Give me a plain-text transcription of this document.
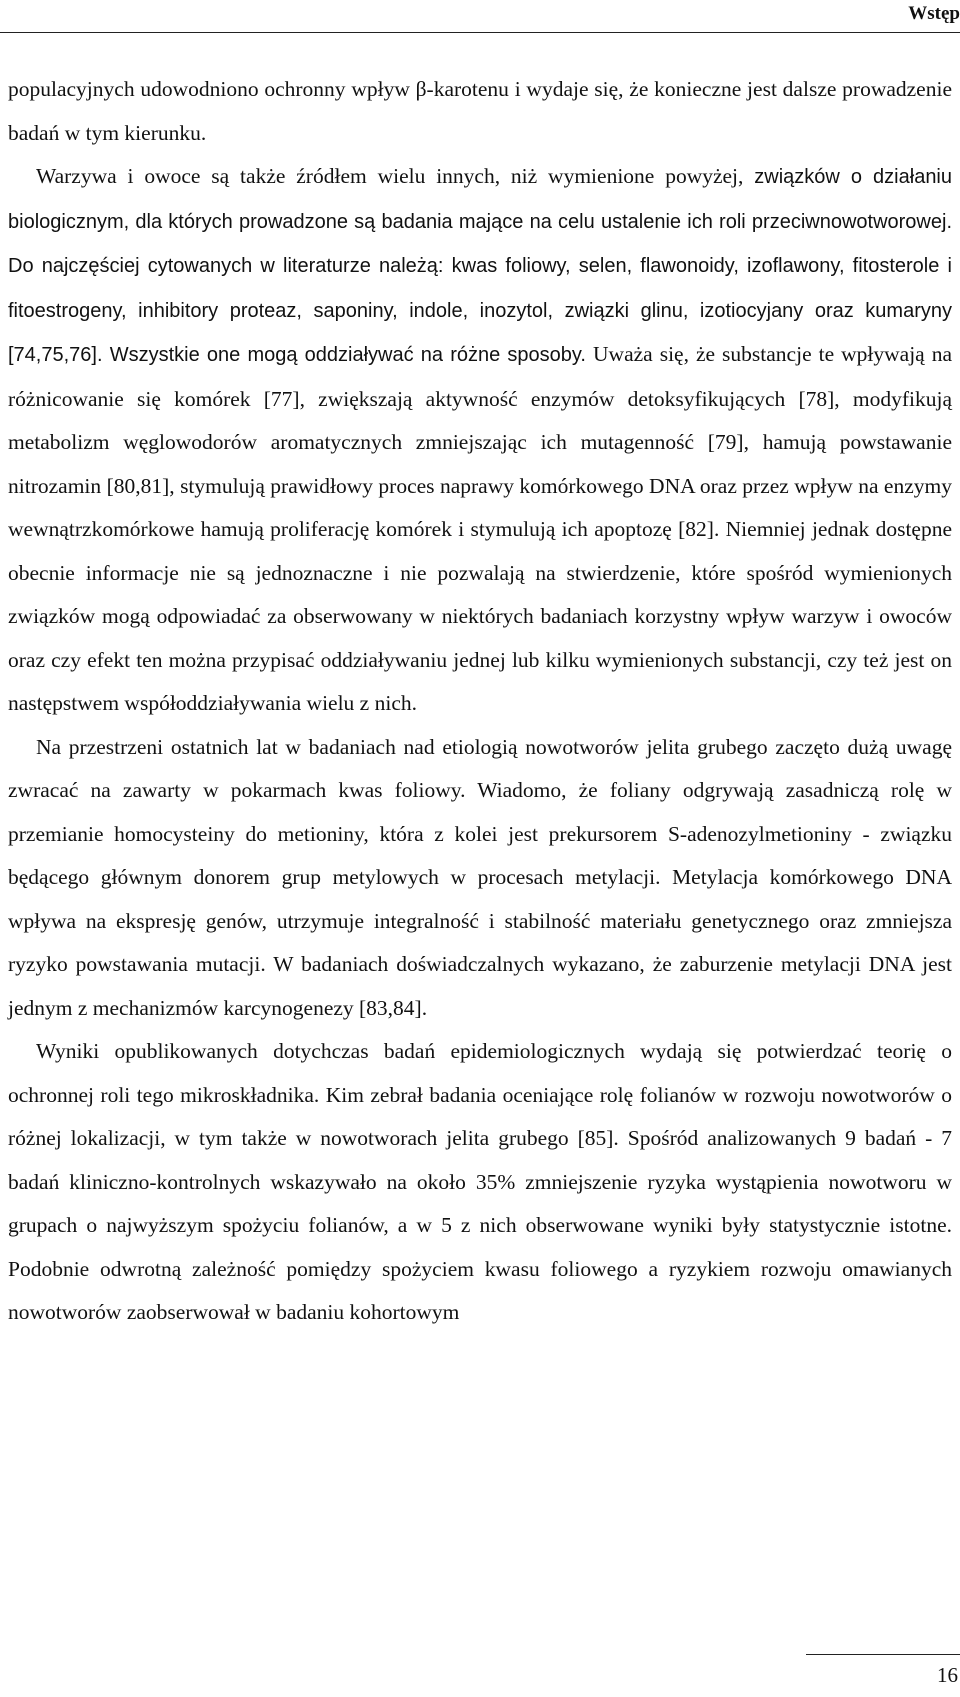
Wstęp

populacyjnych udowodniono ochronny wpływ β-karotenu i wydaje się, że konieczne jest dalsze prowadzenie badań w tym kierunku.

Warzywa i owoce są także źródłem wielu innych, niż wymienione powyżej, związków o działaniu biologicznym, dla których prowadzone są badania mające na celu ustalenie ich roli przeciwnowotworowej. Do najczęściej cytowanych w literaturze należą: kwas foliowy, selen, flawonoidy, izoflawony, fitosterole i fitoestrogeny, inhibitory proteaz, saponiny, indole, inozytol, związki glinu, izotiocyjany oraz kumaryny [74,75,76]. Wszystkie one mogą oddziaływać na różne sposoby. Uważa się, że substancje te wpływają na różnicowanie się komórek [77], zwiększają aktywność enzymów detoksyfikujących [78], modyfikują metabolizm węglowodorów aromatycznych zmniejszając ich mutagenność [79], hamują powstawanie nitrozamin [80,81], stymulują prawidłowy proces naprawy komórkowego DNA oraz przez wpływ na enzymy wewnątrzkomórkowe hamują proliferację komórek i stymulują ich apoptozę [82]. Niemniej jednak dostępne obecnie informacje nie są jednoznaczne i nie pozwalają na stwierdzenie, które spośród wymienionych związków mogą odpowiadać za obserwowany w niektórych badaniach korzystny wpływ warzyw i owoców oraz czy efekt ten można przypisać oddziaływaniu jednej lub kilku wymienionych substancji, czy też jest on następstwem współoddziaływania wielu z nich.

Na przestrzeni ostatnich lat w badaniach nad etiologią nowotworów jelita grubego zaczęto dużą uwagę zwracać na zawarty w pokarmach kwas foliowy. Wiadomo, że foliany odgrywają zasadniczą rolę w przemianie homocysteiny do metioniny, która z kolei jest prekursorem S-adenozylmetioniny - związku będącego głównym donorem grup metylowych w procesach metylacji. Metylacja komórkowego DNA wpływa na ekspresję genów, utrzymuje integralność i stabilność materiału genetycznego oraz zmniejsza ryzyko powstawania mutacji. W badaniach doświadczalnych wykazano, że zaburzenie metylacji DNA jest jednym z mechanizmów karcynogenezy [83,84].

Wyniki opublikowanych dotychczas badań epidemiologicznych wydają się potwierdzać teorię o ochronnej roli tego mikroskładnika. Kim zebrał badania oceniające rolę folianów w rozwoju nowotworów o różnej lokalizacji, w tym także w nowotworach jelita grubego [85]. Spośród analizowanych 9 badań - 7 badań kliniczno-kontrolnych wskazywało na około 35% zmniejszenie ryzyka wystąpienia nowotworu w grupach o najwyższym spożyciu folianów, a w 5 z nich obserwowane wyniki były statystycznie istotne. Podobnie odwrotną zależność pomiędzy spożyciem kwasu foliowego a ryzykiem rozwoju omawianych nowotworów zaobserwował w badaniu kohortowym

16
